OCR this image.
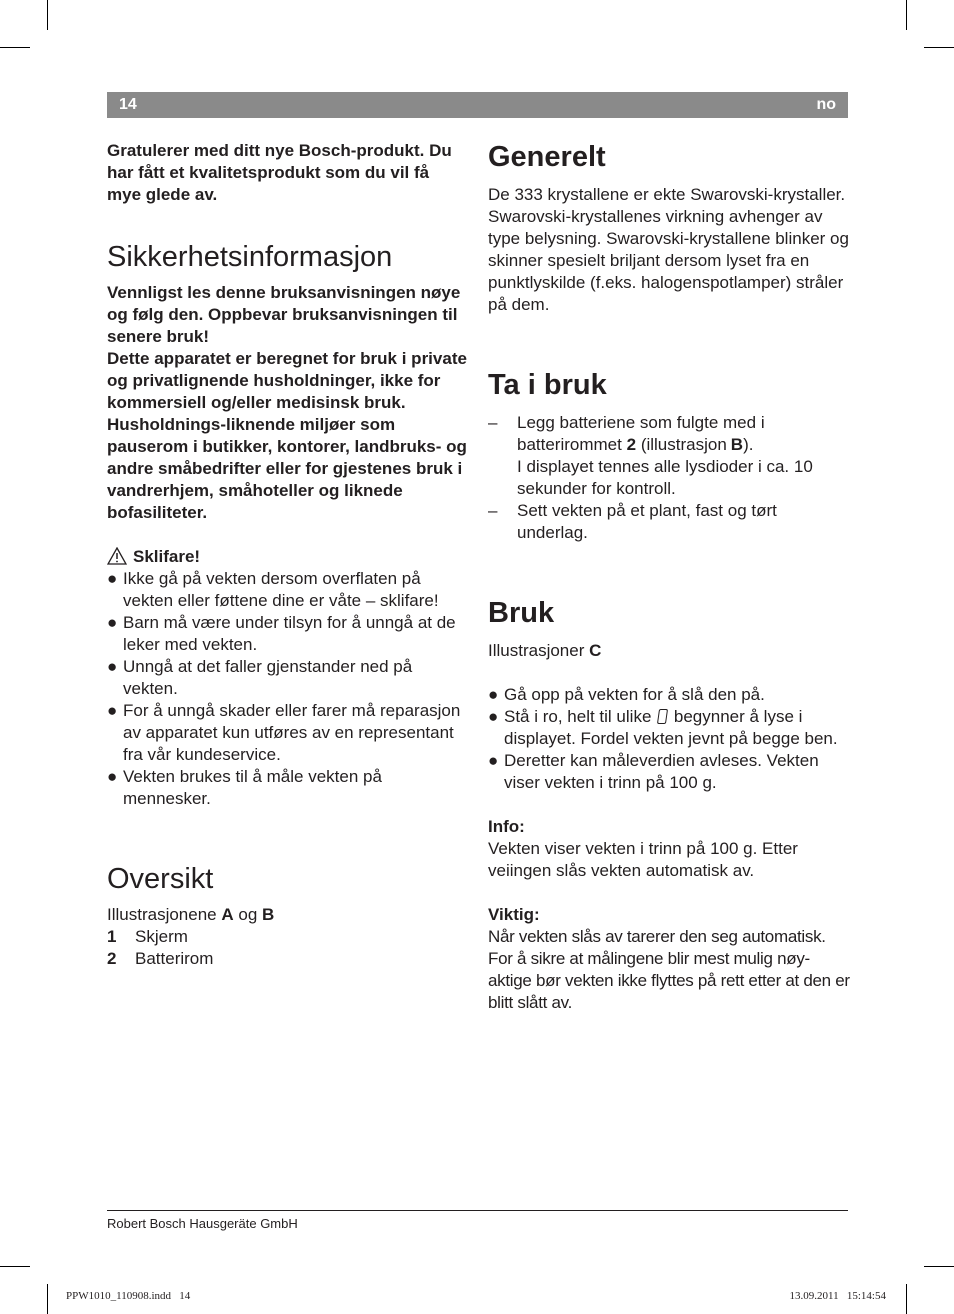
14	no

Gratulerer med ditt nye Bosch-produkt. Du har fått et kvalitetsprodukt som du vil få mye glede av.

Sikkerhetsinformasjon

Vennligst les denne bruksanvisningen nøye og følg den. Oppbevar bruksanvisningen til senere bruk!

Dette apparatet er beregnet for bruk i private og privatlignende husholdninger, ikke for kommersiell og/eller medisinsk bruk.

Husholdnings-liknende miljøer som pauserom i butikker, kontorer, landbruks- og andre småbedrifter eller for gjestenes bruk i vandrerhjem, småhoteller og liknede bofasiliteter.

Sklifare!

● Ikke gå på vekten dersom overflaten på vekten eller føttene dine er våte – sklifare!
● Barn må være under tilsyn for å unngå at de leker med vekten.
● Unngå at det faller gjenstander ned på vekten.
● For å unngå skader eller farer må reparasjon av apparatet kun utføres av en representant fra vår kundeservice.
● Vekten brukes til å måle vekten på mennesker.
Oversikt

Illustrasjonene A og B

1	Skjerm
2	Batterirom
Generelt

De 333 krystallene er ekte Swarovski-krystaller. Swarovski-krystallenes virkning avhenger av type belysning. Swarovski-krystallene blinker og skinner spesielt briljant dersom lyset fra en punktlyskilde (f.eks. halogenspotlamper) stråler på dem.

Ta i bruk
– Legg batteriene som fulgte med i batterirommet 2 (illustrasjon B).
I displayet tennes alle lysdioder i ca. 10 sekunder for kontroll.
– Sett vekten på et plant, fast og tørt underlag.
Bruk

Illustrasjoner C

● Gå opp på vekten for å slå den på.
● Stå i ro, helt til ulike begynner å lyse i displayet. Fordel vekten jevnt på begge ben.
● Deretter kan måleverdien avleses. Vekten viser vekten i trinn på 100 g.

Info:

Vekten viser vekten i trinn på 100 g. Etter veiingen slås vekten automatisk av.

Viktig:

Når vekten slås av tarerer den seg automatisk. For å sikre at målingene blir mest mulig nøy-aktige bør vekten ikke flyttes på rett etter at den er blitt slått av.

Robert Bosch Hausgeräte GmbH
PPW1010_110908.indd   14	13.09.2011   15:14:54
